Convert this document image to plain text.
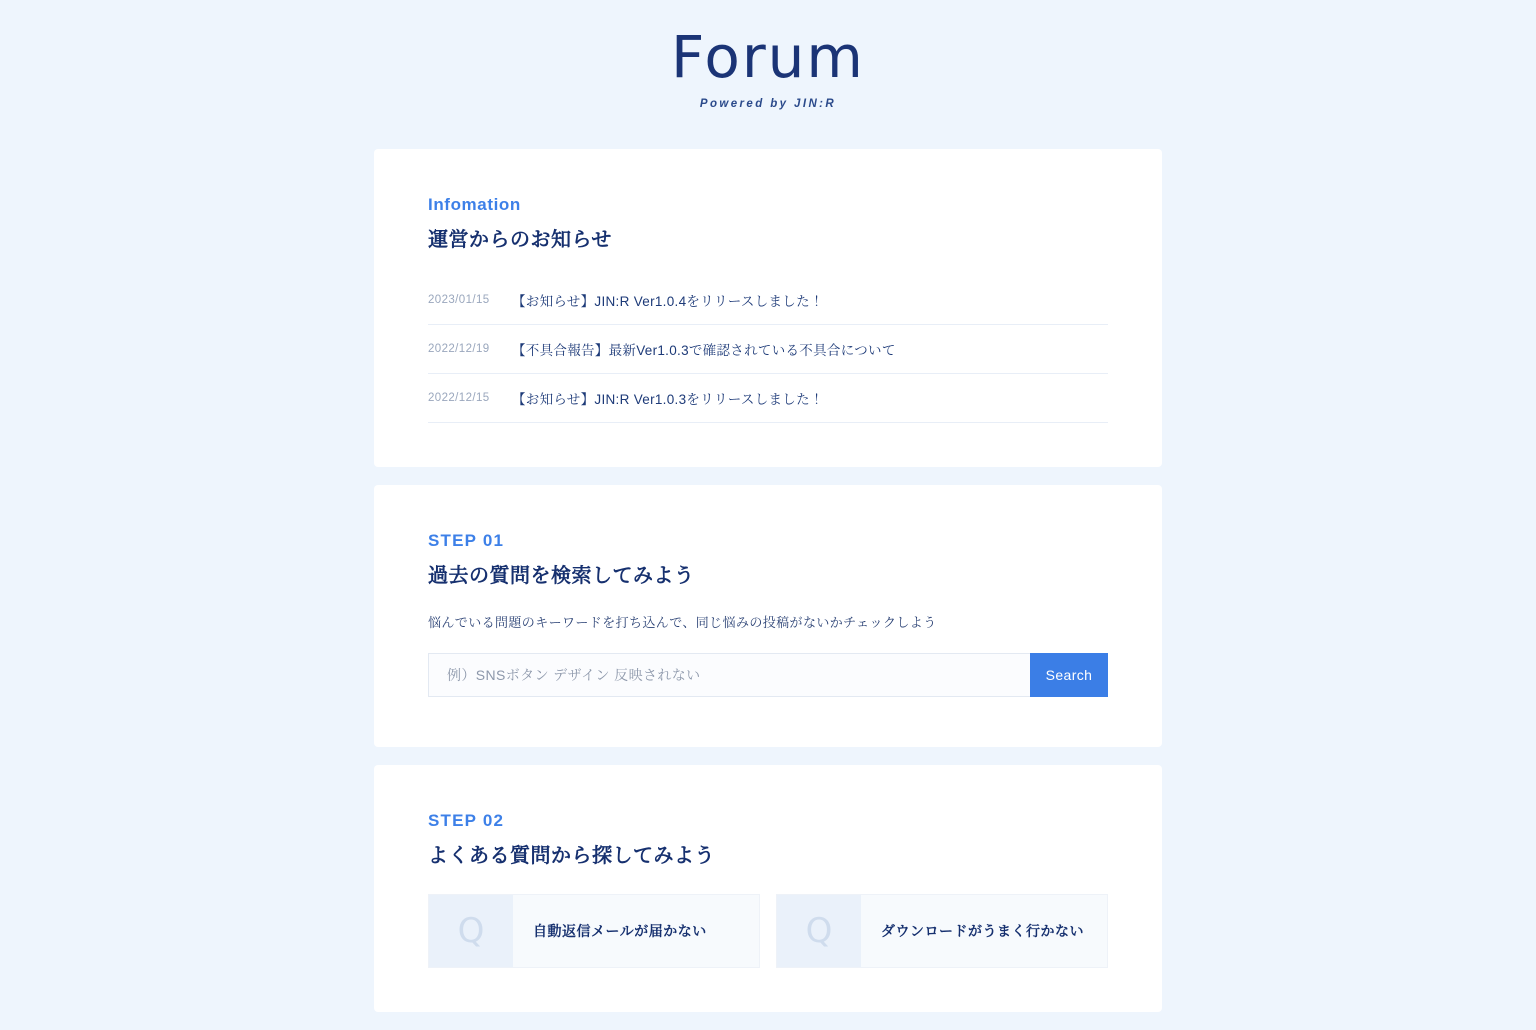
Forum
Powered by JIN:R
Infomation
運営からのお知らせ
2023/01/15 【お知らせ】JIN:R Ver1.0.4をリリースしました！
2022/12/19 【不具合報告】最新Ver1.0.3で確認されている不具合について
2022/12/15 【お知らせ】JIN:R Ver1.0.3をリリースしました！
STEP 01
過去の質問を検索してみよう
悩んでいる問題のキーワードを打ち込んで、同じ悩みの投稿がないかチェックしよう
例）SNSボタン デザイン 反映されない
Search
STEP 02
よくある質問から探してみよう
Q	自動返信メールが届かない	Q	ダウンロードがうまく行かない
